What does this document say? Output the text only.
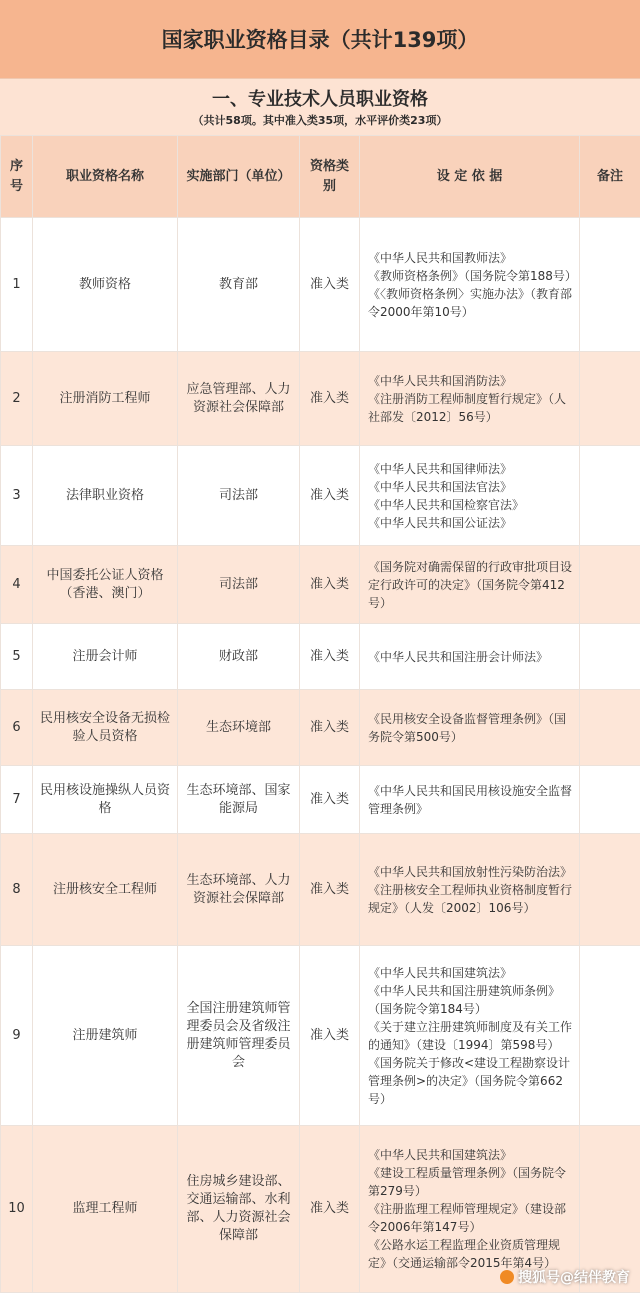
国家职业资格目录（共计139项）
一、专业技术人员职业资格
（共计58项。其中准入类35项，水平评价类23项）
序号	职业资格名称	实施部门（单位）	资格类别	设 定 依 据	备注
1	教师资格	教育部	准入类	《中华人民共和国教师法》
《教师资格条例》（国务院令第188号）
《〈教师资格条例〉实施办法》（教育部令2000年第10号）	

2	注册消防工程师	应急管理部、人力资源社会保障部	准入类	《中华人民共和国消防法》
《注册消防工程师制度暂行规定》（人社部发〔2012〕56号）	

3	法律职业资格	司法部	准入类	《中华人民共和国律师法》
《中华人民共和国法官法》
《中华人民共和国检察官法》
《中华人民共和国公证法》	

4	中国委托公证人资格（香港、澳门）	司法部	准入类	《国务院对确需保留的行政审批项目设定行政许可的决定》（国务院令第412号）	

5	注册会计师	财政部	准入类	《中华人民共和国注册会计师法》	

6	民用核安全设备无损检验人员资格	生态环境部	准入类	《民用核安全设备监督管理条例》（国务院令第500号）	

7	民用核设施操纵人员资格	生态环境部、国家能源局	准入类	《中华人民共和国民用核设施安全监督管理条例》	

8	注册核安全工程师	生态环境部、人力资源社会保障部	准入类	《中华人民共和国放射性污染防治法》
《注册核安全工程师执业资格制度暂行规定》（人发〔2002〕106号）	

9	注册建筑师	全国注册建筑师管理委员会及省级注册建筑师管理委员会	准入类	《中华人民共和国建筑法》
《中华人民共和国注册建筑师条例》（国务院令第184号）
《关于建立注册建筑师制度及有关工作的通知》（建设〔1994〕第598号）
《国务院关于修改<建设工程勘察设计管理条例>的决定》（国务院令第662号）	

10	监理工程师	住房城乡建设部、交通运输部、水利部、人力资源社会保障部	准入类	《中华人民共和国建筑法》
《建设工程质量管理条例》（国务院令第279号）
《注册监理工程师管理规定》（建设部令2006年第147号）
《公路水运工程监理企业资质管理规定》（交通运输部令2015年第4号）	

搜狐号@结伴教育
